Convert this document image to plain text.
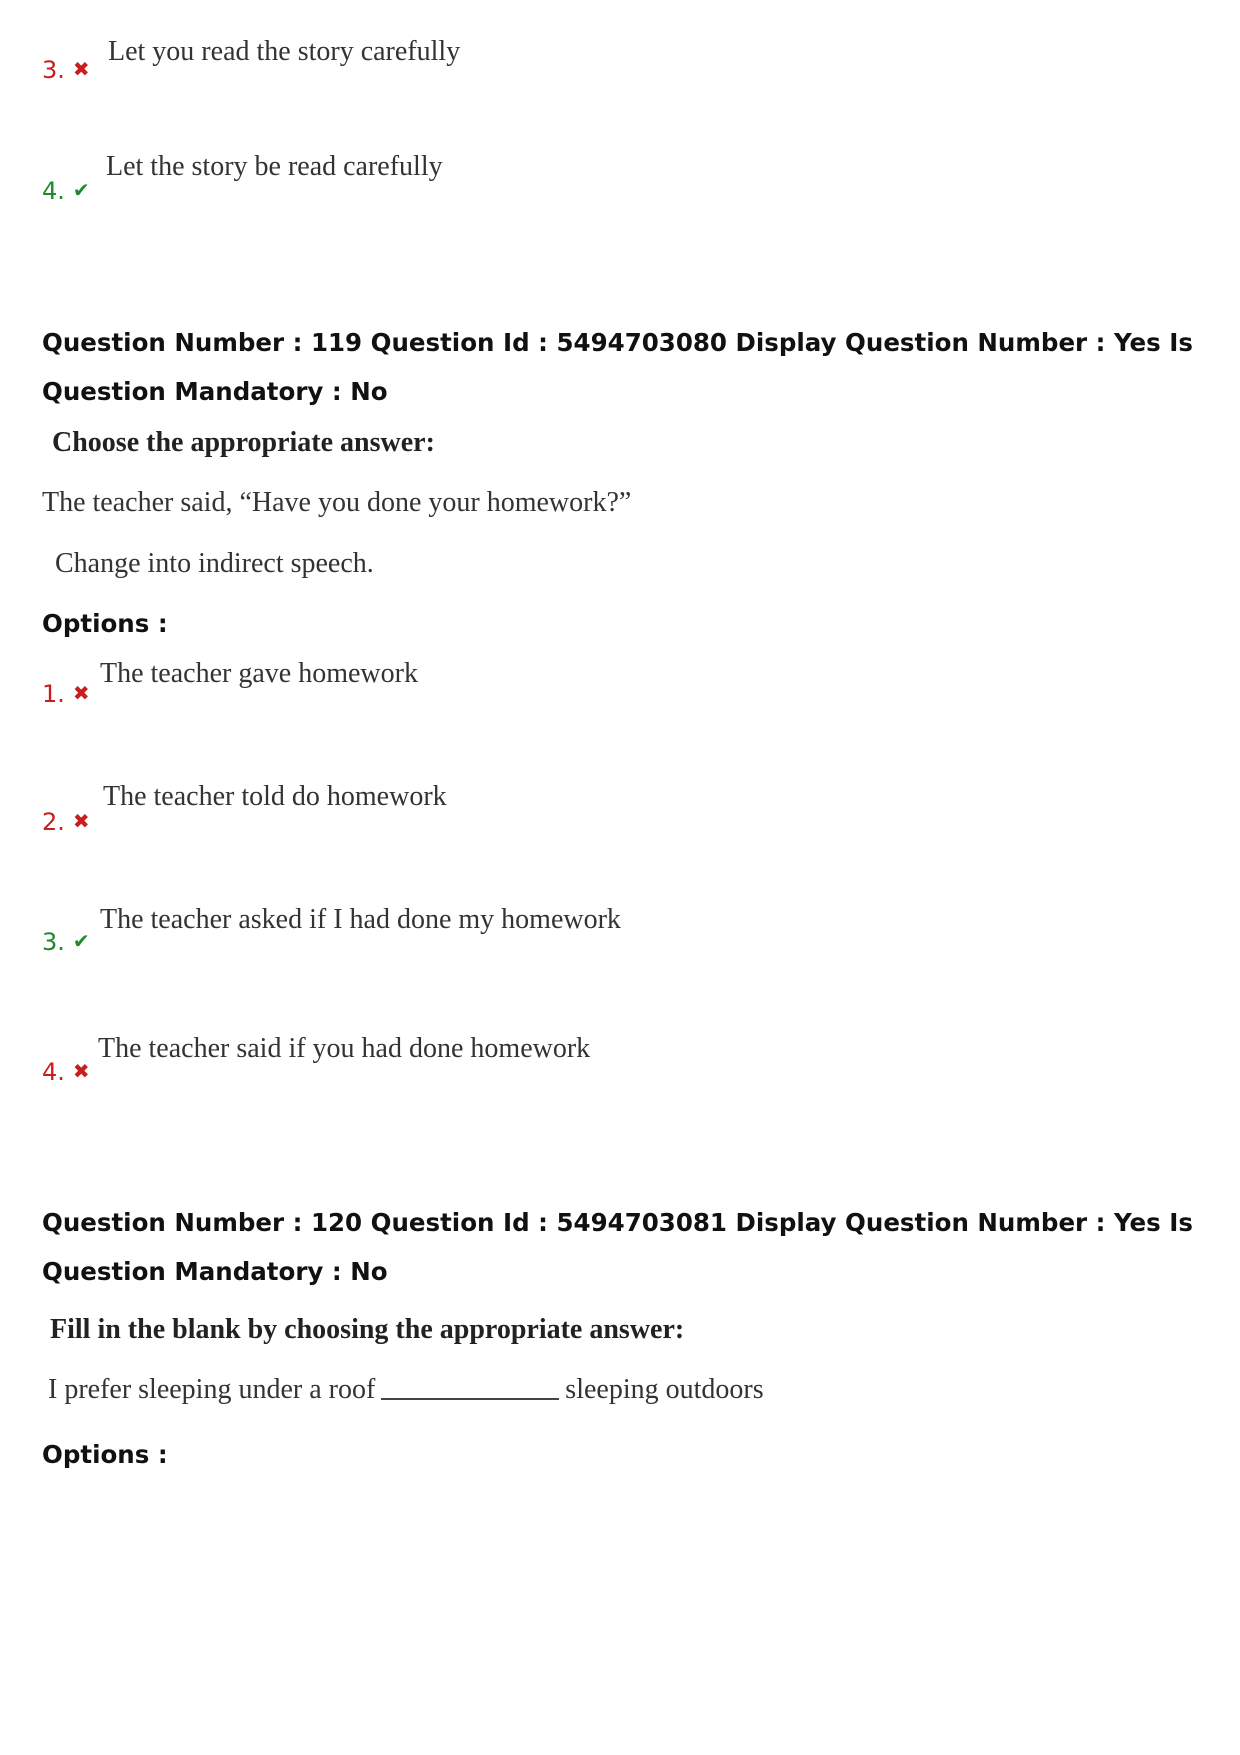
3. ✖
Let you read the story carefully
4. ✔
Let the story be read carefully
Question Number : 119 Question Id : 5494703080 Display Question Number : Yes Is Question Mandatory : No
Choose the appropriate answer:
The teacher said, “Have you done your homework?”
Change into indirect speech.
Options :
1. ✖
The teacher gave homework
2. ✖
The teacher told do homework
3. ✔
The teacher asked if I had done my homework
4. ✖
The teacher said if you had done homework
Question Number : 120 Question Id : 5494703081 Display Question Number : Yes Is Question Mandatory : No
Fill in the blank by choosing the appropriate answer:
I prefer sleeping under a roof	sleeping outdoors
Options :
